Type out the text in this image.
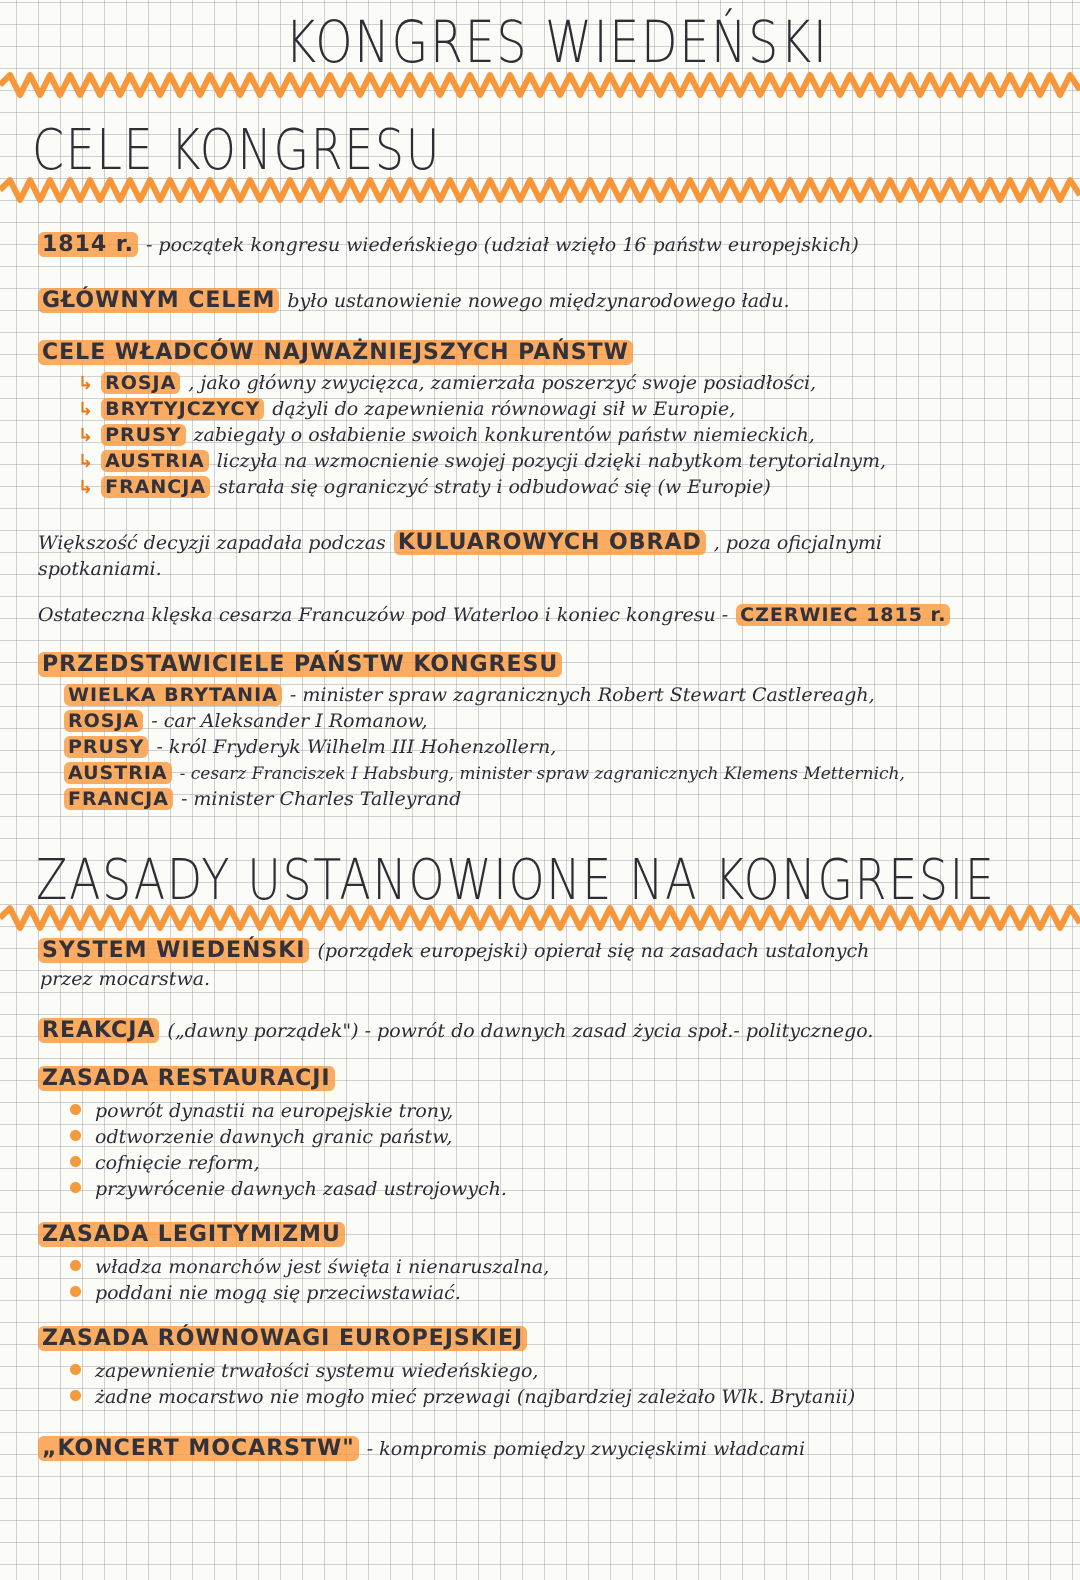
KONGRES WIEDEŃSKI
CELE KONGRESU
1814 r. - początek kongresu wiedeńskiego (udział wzięło 16 państw europejskich)
GŁÓWNYM CELEM było ustanowienie nowego międzynarodowego ładu.
CELE WŁADCÓW NAJWAŻNIEJSZYCH PAŃSTW
↳ ROSJA , jako główny zwycięzca, zamierzała poszerzyć swoje posiadłości,
↳ BRYTYJCZYCY dążyli do zapewnienia równowagi sił w Europie,
↳ PRUSY zabiegały o osłabienie swoich konkurentów państw niemieckich,
↳ AUSTRIA liczyła na wzmocnienie swojej pozycji dzięki nabytkom terytorialnym,
↳ FRANCJA starała się ograniczyć straty i odbudować się (w Europie)
Większość decyzji zapadała podczas KULUAROWYCH OBRAD , poza oficjalnymi
spotkaniami.
Ostateczna klęska cesarza Francuzów pod Waterloo i koniec kongresu - CZERWIEC 1815 r.
PRZEDSTAWICIELE PAŃSTW KONGRESU
WIELKA BRYTANIA - minister spraw zagranicznych Robert Stewart Castlereagh,
ROSJA - car Aleksander I Romanow,
PRUSY - król Fryderyk Wilhelm III Hohenzollern,
AUSTRIA - cesarz Franciszek I Habsburg, minister spraw zagranicznych Klemens Metternich,
FRANCJA - minister Charles Talleyrand
ZASADY USTANOWIONE NA KONGRESIE
SYSTEM WIEDEŃSKI (porządek europejski) opierał się na zasadach ustalonych
przez mocarstwa.
REAKCJA („dawny porządek") - powrót do dawnych zasad życia społ.- politycznego.
ZASADA RESTAURACJI
powrót dynastii na europejskie trony,
odtworzenie dawnych granic państw,
cofnięcie reform,
przywrócenie dawnych zasad ustrojowych.
ZASADA LEGITYMIZMU
władza monarchów jest święta i nienaruszalna,
poddani nie mogą się przeciwstawiać.
ZASADA RÓWNOWAGI EUROPEJSKIEJ
zapewnienie trwałości systemu wiedeńskiego,
żadne mocarstwo nie mogło mieć przewagi (najbardziej zależało Wlk. Brytanii)
„KONCERT MOCARSTW" - kompromis pomiędzy zwycięskimi władcami
